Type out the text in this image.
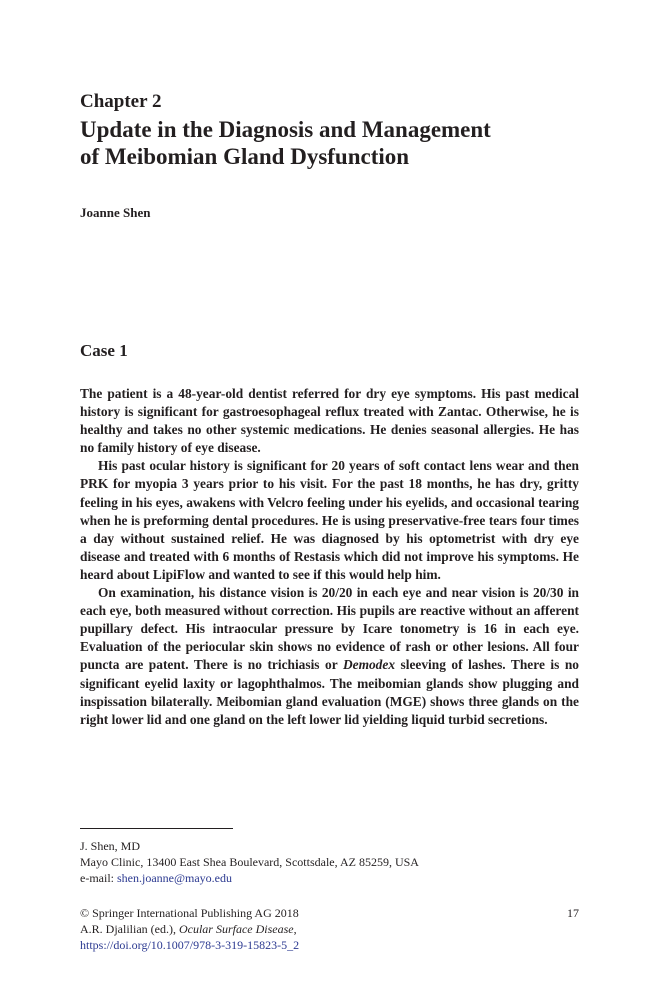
Chapter 2
Update in the Diagnosis and Management
of Meibomian Gland Dysfunction
Joanne Shen
Case 1

The patient is a 48-year-old dentist referred for dry eye symptoms. His past medical history is significant for gastroesophageal reflux treated with Zantac. Otherwise, he is healthy and takes no other systemic medications. He denies seasonal allergies. He has no family history of eye disease.

His past ocular history is significant for 20 years of soft contact lens wear and then PRK for myopia 3 years prior to his visit. For the past 18 months, he has dry, gritty feeling in his eyes, awakens with Velcro feeling under his eyelids, and occasional tearing when he is preforming dental procedures. He is using preservative-free tears four times a day without sustained relief. He was diagnosed by his optometrist with dry eye disease and treated with 6 months of Restasis which did not improve his symptoms. He heard about LipiFlow and wanted to see if this would help him.

On examination, his distance vision is 20/20 in each eye and near vision is 20/30 in each eye, both measured without correction. His pupils are reactive without an afferent pupillary defect. His intraocular pressure by Icare tonometry is 16 in each eye. Evaluation of the periocular skin shows no evidence of rash or other lesions. All four puncta are patent. There is no trichiasis or Demodex sleeving of lashes. There is no significant eyelid laxity or lagophthalmos. The meibomian glands show plugging and inspissation bilaterally. Meibomian gland evaluation (MGE) shows three glands on the right lower lid and one gland on the left lower lid yielding liquid turbid secretions.

J. Shen, MD
Mayo Clinic, 13400 East Shea Boulevard, Scottsdale, AZ 85259, USA
e-mail: shen.joanne@mayo.edu
© Springer International Publishing AG 2018
A.R. Djalilian (ed.), Ocular Surface Disease,
https://doi.org/10.1007/978-3-319-15823-5_2
17
